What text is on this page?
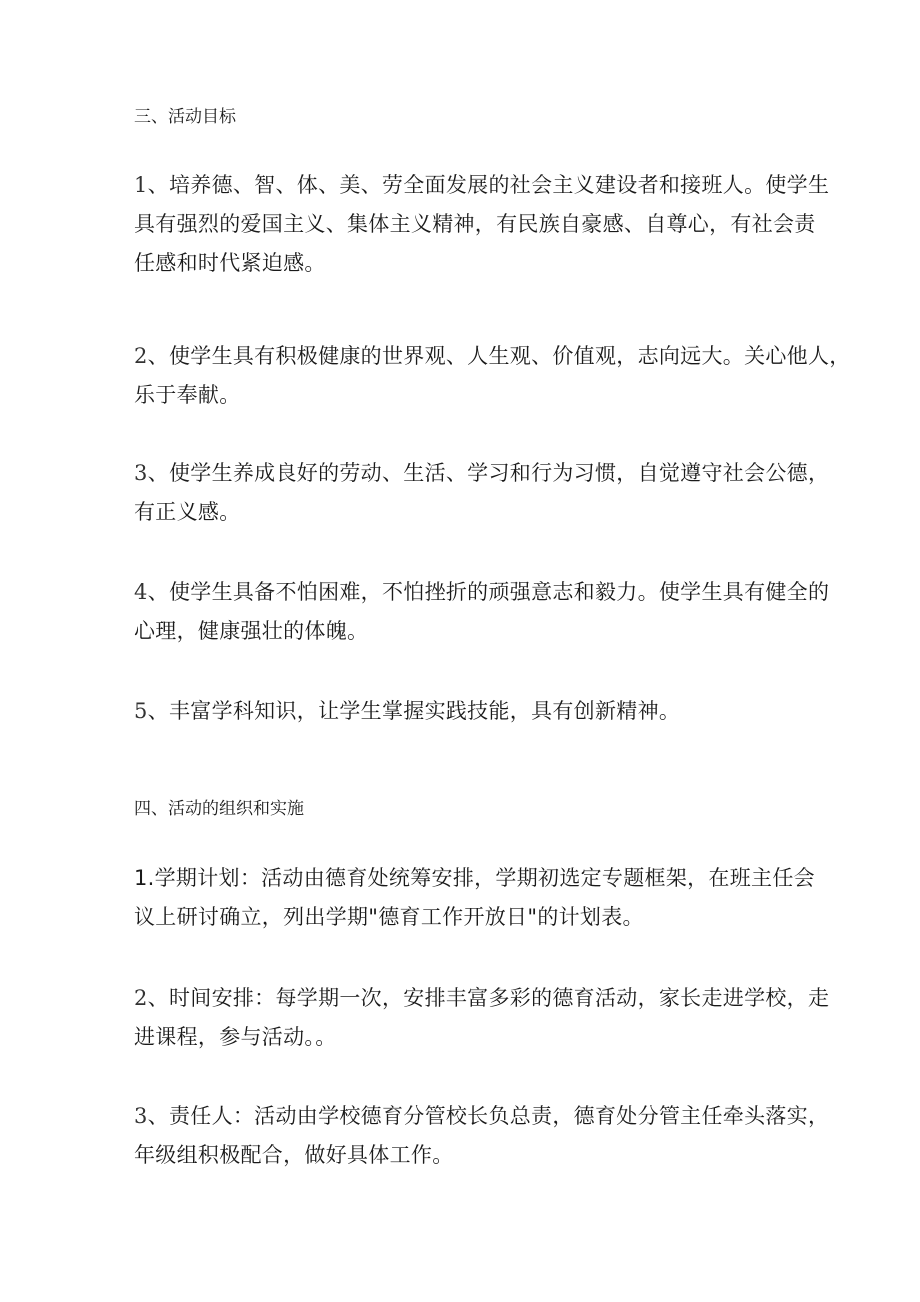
三、活动目标
1、培养德、智、体、美、劳全面发展的社会主义建设者和接班人。使学生
具有强烈的爱国主义、集体主义精神，有民族自豪感、自尊心，有社会责
任感和时代紧迫感。
2、使学生具有积极健康的世界观、人生观、价值观，志向远大。关心他人，
乐于奉献。
3、使学生养成良好的劳动、生活、学习和行为习惯，自觉遵守社会公德，
有正义感。
4、使学生具备不怕困难，不怕挫折的顽强意志和毅力。使学生具有健全的
心理，健康强壮的体魄。
5、丰富学科知识，让学生掌握实践技能，具有创新精神。
四、活动的组织和实施
1.学期计划：活动由德育处统筹安排，学期初选定专题框架，在班主任会
议上研讨确立，列出学期"德育工作开放日"的计划表。
2、时间安排：每学期一次，安排丰富多彩的德育活动，家长走进学校，走
进课程，参与活动。。
3、责任人：活动由学校德育分管校长负总责，德育处分管主任牵头落实，
年级组积极配合，做好具体工作。
